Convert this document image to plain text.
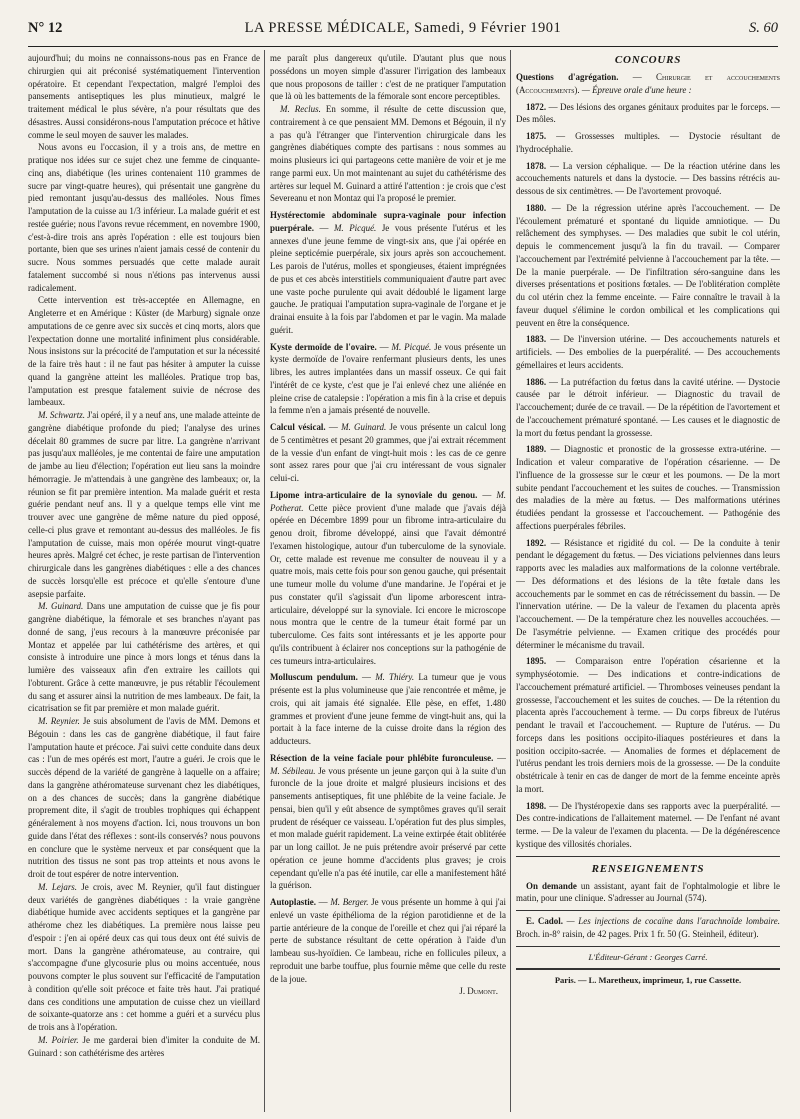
N° 12	LA PRESSE MÉDICALE, Samedi, 9 Février 1901	S. 60

aujourd'hui; du moins ne connaissons-nous pas en France de chirurgien qui ait préconisé systématiquement l'intervention opératoire. Et cependant l'expectation, malgré l'emploi des pansements antiseptiques les plus minutieux, malgré le traitement médical le plus sévère, n'a pour résultats que des désastres. Aussi considérons-nous l'amputation précoce et hâtive comme le seul moyen de sauver les malades.

Nous avons eu l'occasion, il y a trois ans, de mettre en pratique nos idées sur ce sujet chez une femme de cinquante-cinq ans, diabétique (les urines contenaient 110 grammes de sucre par vingt-quatre heures), qui présentait une gangrène du pied remontant jusqu'au-dessus des malléoles. Nous fîmes l'amputation de la cuisse au 1/3 inférieur. La malade guérit et est restée guérie; nous l'avons revue récemment, en novembre 1900, c'est-à-dire trois ans après l'opération : elle est toujours bien portante, bien que ses urines n'aient jamais cessé de contenir du sucre. Nous sommes persuadés que cette malade aurait fatalement succombé si nous n'étions pas intervenus aussi radicalement.

Cette intervention est très-acceptée en Allemagne, en Angleterre et en Amérique : Küster (de Marburg) signale onze amputations de ce genre avec six succès et cinq morts, alors que l'expectation donne une mortalité infiniment plus considérable. Nous insistons sur la précocité de l'amputation et sur la nécessité de la faire très haut : il ne faut pas hésiter à amputer la cuisse quand la gangrène atteint les malléoles. Pratique trop bas, l'amputation est presque fatalement suivie de nécrose des lambeaux.

M. Schwartz. J'ai opéré, il y a neuf ans, une malade atteinte de gangrène diabétique profonde du pied; l'analyse des urines décelait 80 grammes de sucre par litre. La gangrène n'arrivant pas jusqu'aux malléoles, je me contentai de faire une amputation de jambe au lieu d'élection; l'opération eut lieu sans la moindre hémorragie. Je m'attendais à une gangrène des lambeaux; or, la réunion se fit par première intention. Ma malade guérit et resta guérie pendant neuf ans. Il y a quelque temps elle vint me trouver avec une gangrène de même nature du pied opposé, celle-ci plus grave et remontant au-dessus des malléoles. Je fis l'amputation de cuisse, mais mon opérée mourut vingt-quatre heures après. Malgré cet échec, je reste partisan de l'intervention chirurgicale dans les gangrènes diabétiques : elle a des chances de succès lorsqu'elle est précoce et qu'elle s'entoure d'une asepsie parfaite.

M. Guinard. Dans une amputation de cuisse que je fis pour gangrène diabétique, la fémorale et ses branches n'ayant pas donné de sang, j'eus recours à la manœuvre préconisée par Montaz et appelée par lui cathétérisme des artères, et qui consiste à introduire une pince à mors longs et ténus dans la lumière des vaisseaux afin d'en extraire les caillots qui l'obturent. Grâce à cette manœuvre, je pus rétablir l'écoulement du sang et assurer ainsi la nutrition de mes lambeaux. De fait, la cicatrisation se fit par première et mon malade guérit.

M. Reynier. Je suis absolument de l'avis de MM. Demons et Bégouin : dans les cas de gangrène diabétique, il faut faire l'amputation haute et précoce. J'ai suivi cette conduite dans deux cas : l'un de mes opérés est mort, l'autre a guéri. Je crois que le succès dépend de la variété de gangrène à laquelle on a affaire; dans la gangrène athéromateuse survenant chez les diabétiques, on a des chances de succès; dans la gangrène diabétique proprement dite, il s'agit de troubles trophiques qui échappent généralement à nos moyens d'action. Ici, nous trouvons un bon guide dans l'état des réflexes : sont-ils conservés? nous pouvons en conclure que le système nerveux et par conséquent que la nutrition des tissus ne sont pas trop atteints et nous avons le droit de tout espérer de notre intervention.

M. Lejars. Je crois, avec M. Reynier, qu'il faut distinguer deux variétés de gangrènes diabétiques : la vraie gangrène diabétique humide avec accidents septiques et la gangrène par athérome chez les diabétiques. La première nous laisse peu d'espoir : j'en ai opéré deux cas qui tous deux ont été suivis de mort. Dans la gangrène athéromateuse, au contraire, qui s'accompagne d'une glycosurie plus ou moins accentuée, nous pouvons compter le plus souvent sur l'efficacité de l'amputation à condition qu'elle soit précoce et faite très haut. J'ai pratiqué dans ces conditions une amputation de cuisse chez un vieillard de soixante-quatorze ans : cet homme a guéri et a survécu plus de trois ans à l'opération.

M. Poirier. Je me garderai bien d'imiter la conduite de M. Guinard : son cathétérisme des artères

me paraît plus dangereux qu'utile. D'autant plus que nous possédons un moyen simple d'assurer l'irrigation des lambeaux que nous proposons de tailler : c'est de ne pratiquer l'amputation que là où les battements de la fémorale sont encore perceptibles.

M. Reclus. En somme, il résulte de cette discussion que, contrairement à ce que pensaient MM. Demons et Bégouin, il n'y a pas qu'à l'étranger que l'intervention chirurgicale dans les gangrènes diabétiques compte des partisans : nous sommes au moins plusieurs ici qui partageons cette manière de voir et je me range parmi eux. Un mot maintenant au sujet du cathétérisme des artères sur lequel M. Guinard a attiré l'attention : je crois que c'est Severeanu et non Montaz qui l'a proposé le premier.

Hystérectomie abdominale supra-vaginale pour infection puerpérale. — M. Picqué. Je vous présente l'utérus et les annexes d'une jeune femme de vingt-six ans, que j'ai opérée en pleine septicémie puerpérale, six jours après son accouchement. Les parois de l'utérus, molles et spongieuses, étaient imprégnées de pus et ces abcès interstitiels communiquaient d'autre part avec une vaste poche purulente qui avait dédoublé le ligament large gauche. Je pratiquai l'amputation supra-vaginale de l'organe et je drainai ensuite à la fois par l'abdomen et par le vagin. Ma malade guérit.

Kyste dermoïde de l'ovaire. — M. Picqué. Je vous présente un kyste dermoïde de l'ovaire renfermant plusieurs dents, les unes libres, les autres implantées dans un massif osseux. Ce qui fait l'intérêt de ce kyste, c'est que je l'ai enlevé chez une aliénée en pleine crise de catalepsie : l'opération a mis fin à la crise et depuis la femme n'en a jamais présenté de nouvelle.

Calcul vésical. — M. Guinard. Je vous présente un calcul long de 5 centimètres et pesant 20 grammes, que j'ai extrait récemment de la vessie d'un enfant de vingt-huit mois : les cas de ce genre sont assez rares pour que j'ai cru intéressant de vous signaler celui-ci.

Lipome intra-articulaire de la synoviale du genou. — M. Potherat. Cette pièce provient d'une malade que j'avais déjà opérée en Décembre 1899 pour un fibrome intra-articulaire du genou droit, fibrome développé, ainsi que l'avait démontré l'examen histologique, autour d'un tuberculome de la synoviale. Or, cette malade est revenue me consulter de nouveau il y a quatre mois, mais cette fois pour son genou gauche, qui présentait une tumeur molle du volume d'une mandarine. Je l'opérai et je pus constater qu'il s'agissait d'un lipome arborescent intra-articulaire, développé sur la synoviale. Ici encore le microscope nous montra que le centre de la tumeur était formé par un tuberculome. Ces faits sont intéressants et je les apporte pour qu'ils contribuent à éclairer nos conceptions sur la pathogénie de ces tumeurs intra-articulaires.

Molluscum pendulum. — M. Thiéry. La tumeur que je vous présente est la plus volumineuse que j'aie rencontrée et même, je crois, qui ait jamais été signalée. Elle pèse, en effet, 1.480 grammes et provient d'une jeune femme de vingt-huit ans, qui la portait à la face interne de la cuisse droite dans la région des adducteurs.

Résection de la veine faciale pour phlébite furonculeuse. — M. Sébileau. Je vous présente un jeune garçon qui à la suite d'un furoncle de la joue droite et malgré plusieurs incisions et des pansements antiseptiques, fit une phlébite de la veine faciale. Je pensai, bien qu'il y eût absence de symptômes graves qu'il serait prudent de réséquer ce vaisseau. L'opération fut des plus simples, et mon malade guérit rapidement. La veine extirpée était oblitérée par un long caillot. Je ne puis prétendre avoir préservé par cette opération ce jeune homme d'accidents plus graves; je crois cependant qu'elle n'a pas été inutile, car elle a manifestement hâté la guérison.

Autoplastie. — M. Berger. Je vous présente un homme à qui j'ai enlevé un vaste épithélioma de la région parotidienne et de la partie antérieure de la conque de l'oreille et chez qui j'ai réparé la perte de substance résultant de cette opération à l'aide d'un lambeau sus-hyoïdien. Ce lambeau, riche en follicules pileux, a reproduit une barbe touffue, plus fournie même que celle du reste de la joue.

J. Dumont.

CONCOURS

Questions d'agrégation. — Chirurgie et accouchements (Accouchements). — Épreuve orale d'une heure :

1872. — Des lésions des organes génitaux produites par le forceps. — Des môles.

1875. — Grossesses multiples. — Dystocie résultant de l'hydrocéphalie.

1878. — La version céphalique. — De la réaction utérine dans les accouchements naturels et dans la dystocie. — Des bassins rétrécis au-dessous de six centimètres. — De l'avortement provoqué.

1880. — De la régression utérine après l'accouchement. — De l'écoulement prématuré et spontané du liquide amniotique. — Du relâchement des symphyses. — Des maladies que subit le col utérin, depuis le commencement jusqu'à la fin du travail. — Comparer l'accouchement par l'extrémité pelvienne à l'accouchement par la tête. — De la manie puerpérale. — De l'infiltration séro-sanguine dans les diverses présentations et positions fœtales. — De l'oblitération complète du col utérin chez la femme enceinte. — Faire connaître le travail à la faveur duquel s'élimine le cordon ombilical et les complications qui peuvent en être la conséquence.

1883. — De l'inversion utérine. — Des accouchements naturels et artificiels. — Des embolies de la puerpéralité. — Des accouchements gémellaires et leurs accidents.

1886. — La putréfaction du fœtus dans la cavité utérine. — Dystocie causée par le détroit inférieur. — Diagnostic du travail de l'accouchement; durée de ce travail. — De la répétition de l'avortement et de l'accouchement prématuré spontané. — Les causes et le diagnostic de la mort du fœtus pendant la grossesse.

1889. — Diagnostic et pronostic de la grossesse extra-utérine. — Indication et valeur comparative de l'opération césarienne. — De l'influence de la grossesse sur le cœur et les poumons. — De la mort subite pendant l'accouchement et les suites de couches. — Transmission des maladies de la mère au fœtus. — Des malformations utérines étudiées pendant la grossesse et l'accouchement. — Pathogénie des affections puerpérales fébriles.

1892. — Résistance et rigidité du col. — De la conduite à tenir pendant le dégagement du fœtus. — Des viciations pelviennes dans leurs rapports avec les maladies aux malformations de la colonne vertébrale. — Des déformations et des lésions de la tête fœtale dans les accouchements par le sommet en cas de rétrécissement du bassin. — De l'innervation utérine. — De la valeur de l'examen du placenta après l'accouchement. — De la température chez les nouvelles accouchées. — De l'asymétrie pelvienne. — Examen critique des procédés pour déterminer le mécanisme du travail.

1895. — Comparaison entre l'opération césarienne et la symphyséotomie. — Des indications et contre-indications de l'accouchement prématuré artificiel. — Thromboses veineuses pendant la grossesse, l'accouchement et les suites de couches. — De la rétention du placenta après l'accouchement à terme. — Du corps fibreux de l'utérus pendant le travail et l'accouchement. — Rupture de l'utérus. — Du forceps dans les positions occipito-iliaques postérieures et dans la position occipito-sacrée. — Anomalies de formes et déplacement de l'utérus pendant les trois derniers mois de la grossesse. — De la conduite obstétricale à tenir en cas de danger de mort de la femme enceinte après la mort.

1898. — De l'hystéropexie dans ses rapports avec la puerpéralité. — Des contre-indications de l'allaitement maternel. — De l'enfant né avant terme. — De la valeur de l'examen du placenta. — De la dégénérescence kystique des villosités choriales.

RENSEIGNEMENTS

On demande un assistant, ayant fait de l'ophtalmologie et libre le matin, pour une clinique. S'adresser au Journal (574).

E. Cadol. — Les injections de cocaïne dans l'arachnoïde lombaire. Broch. in-8° raisin, de 42 pages. Prix 1 fr. 50 (G. Steinheil, éditeur).

L'Éditeur-Gérant : Georges Carré.

Paris. — L. Maretheux, imprimeur, 1, rue Cassette.
